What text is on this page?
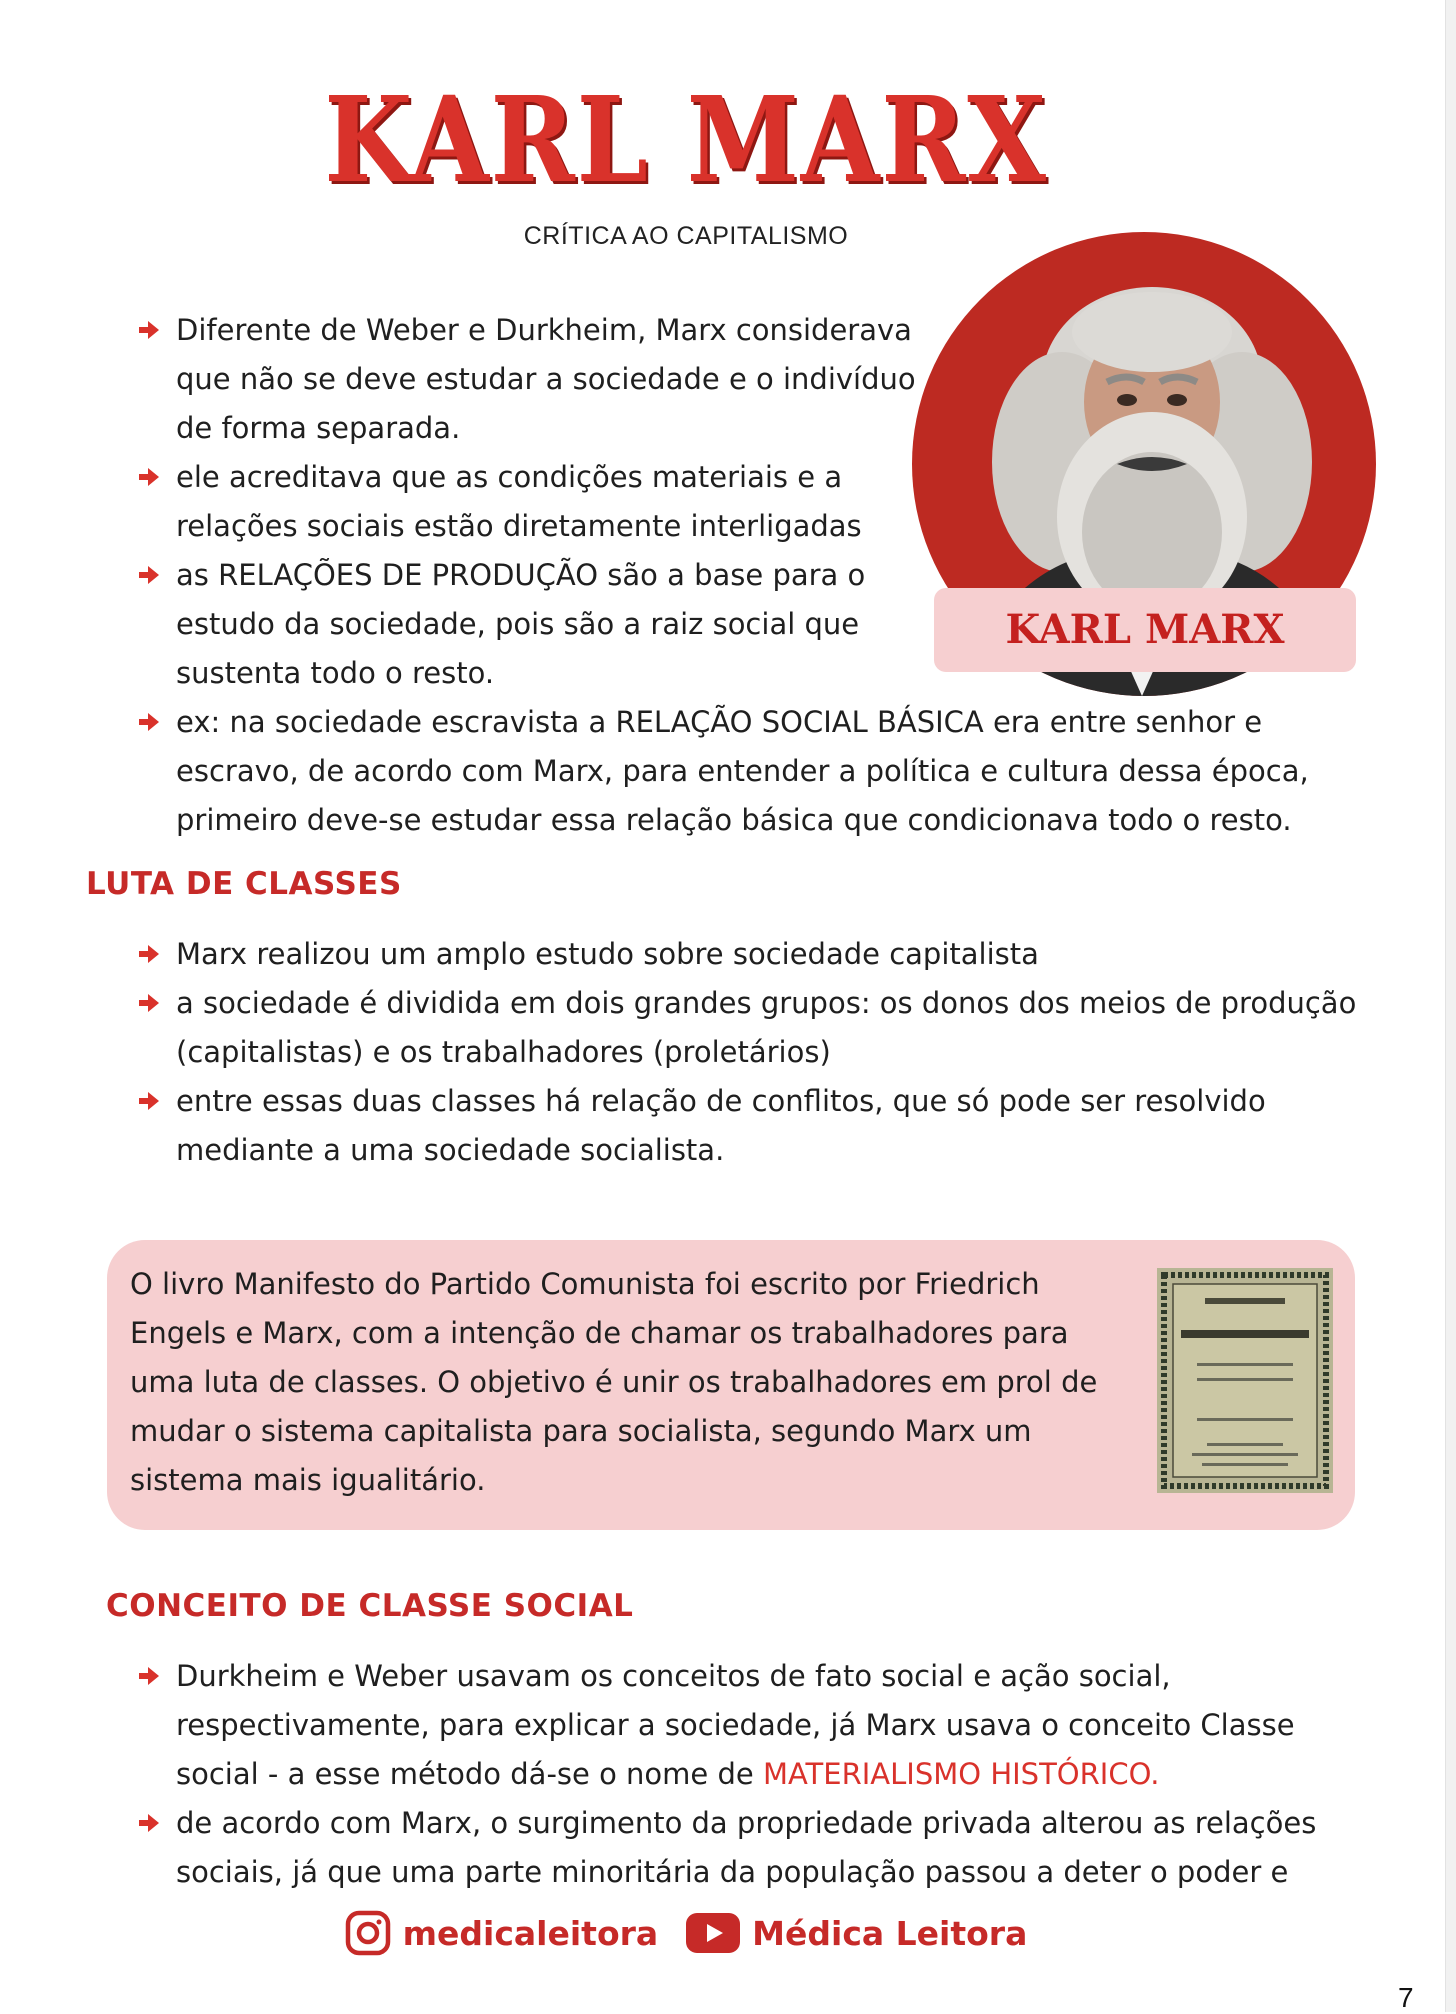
KARL MARX
CRÍTICA AO CAPITALISMO
KARL MARX
Diferente de Weber e Durkheim, Marx considerava que não se deve estudar a sociedade e o indivíduo de forma separada.
ele acreditava que as condições materiais e a relações sociais estão diretamente interligadas
as RELAÇÕES DE PRODUÇÃO são a base para o estudo da sociedade, pois são a raiz social que sustenta todo o resto.
ex: na sociedade escravista a RELAÇÃO SOCIAL BÁSICA era entre senhor e escravo, de acordo com Marx, para entender a política e cultura dessa época, primeiro deve-se estudar essa relação básica que condicionava todo o resto.
LUTA DE CLASSES
Marx realizou um amplo estudo sobre sociedade capitalista
a sociedade é dividida em dois grandes grupos: os donos dos meios de produção (capitalistas) e os trabalhadores (proletários)
entre essas duas classes há relação de conflitos, que só pode ser resolvido mediante a uma sociedade socialista.

O livro Manifesto do Partido Comunista foi escrito por Friedrich Engels e Marx, com a intenção de chamar os trabalhadores para uma luta de classes. O objetivo é unir os trabalhadores em prol de mudar o sistema capitalista para socialista, segundo Marx um sistema mais igualitário.

CONCEITO DE CLASSE SOCIAL
Durkheim e Weber usavam os conceitos de fato social e ação social, respectivamente, para explicar a sociedade, já Marx usava o conceito Classe social - a esse método dá-se o nome de MATERIALISMO HISTÓRICO.
de acordo com Marx, o surgimento da propriedade privada alterou as relações sociais, já que uma parte minoritária da população passou a deter o poder e
medicaleitora	Médica Leitora
7
